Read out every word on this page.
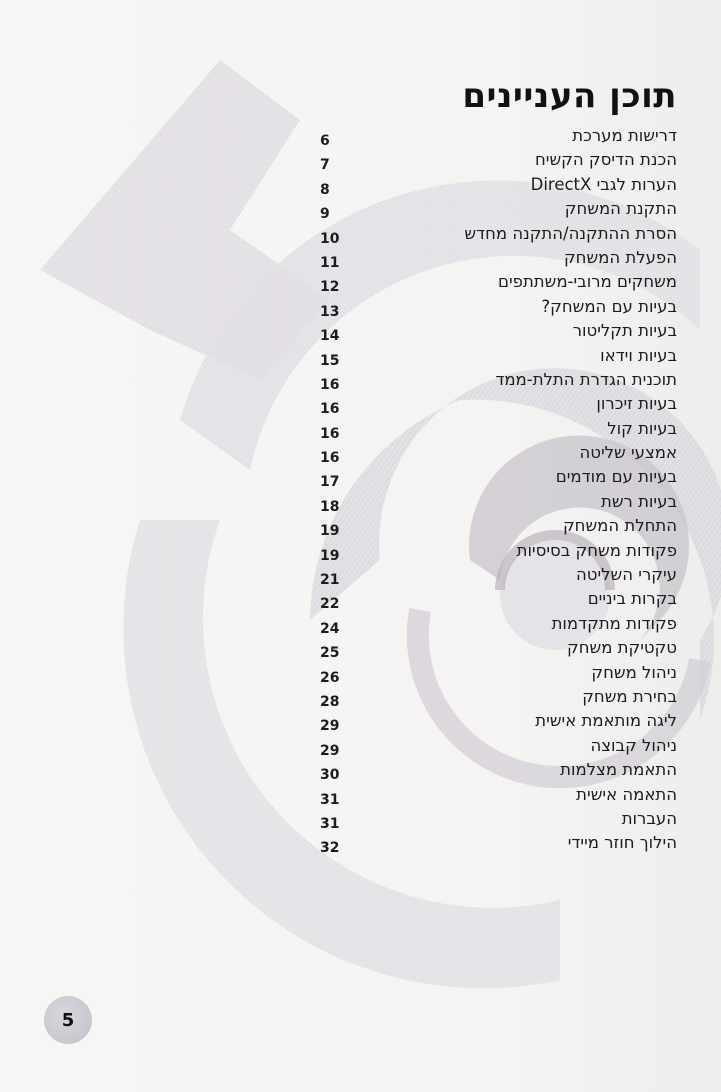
תוכן העניינים
דרישות מערכת
6
הכנת הדיסק הקשיח
7
הערות לגבי DirectX
8
התקנת המשחק
9
הסרת ההתקנה/התקנה מחדש
10
הפעלת המשחק
11
משחקים מרובי-משתתפים
12
בעיות עם המשחק?
13
בעיות תקליטור
14
בעיות וידאו
15
תוכנית הגדרת התלת-ממד
16
בעיות זיכרון
16
בעיות קול
16
אמצעי שליטה
16
בעיות עם מודמים
17
בעיות רשת
18
התחלת המשחק
19
פקודות משחק בסיסיות
19
עיקרי השליטה
21
בקרות ביניים
22
פקודות מתקדמות
24
טקטיקת משחק
25
ניהול משחק
26
בחירת משחק
28
ליגה מותאמת אישית
29
ניהול קבוצה
29
התאמת מצלמות
30
התאמה אישית
31
העברות
31
הילוך חוזר מיידי
32
5
